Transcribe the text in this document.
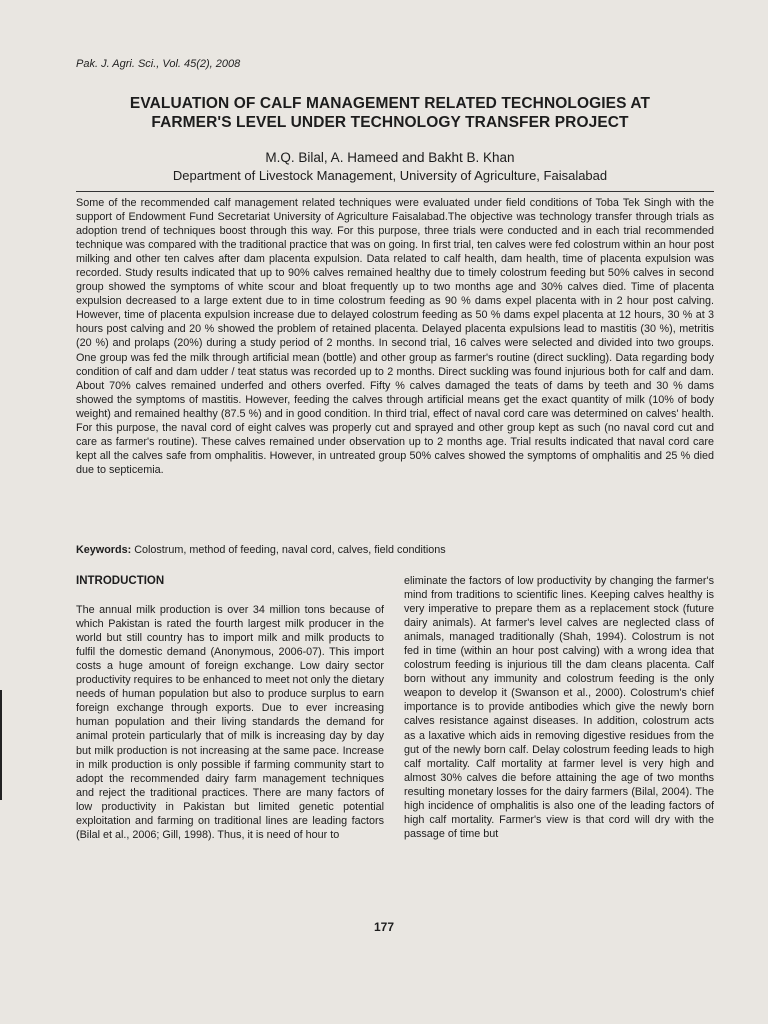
Pak. J. Agri. Sci., Vol. 45(2), 2008
EVALUATION OF CALF MANAGEMENT RELATED TECHNOLOGIES AT
FARMER'S LEVEL UNDER TECHNOLOGY TRANSFER PROJECT
M.Q. Bilal, A. Hameed and Bakht B. Khan
Department of Livestock Management, University of Agriculture, Faisalabad
Some of the recommended calf management related techniques were evaluated under field conditions of Toba Tek Singh with the support of Endowment Fund Secretariat University of Agriculture Faisalabad.The objective was technology transfer through trials as adoption trend of techniques boost through this way. For this purpose, three trials were conducted and in each trial recommended technique was compared with the traditional practice that was on going. In first trial, ten calves were fed colostrum within an hour post milking and other ten calves after dam placenta expulsion. Data related to calf health, dam health, time of placenta expulsion was recorded. Study results indicated that up to 90% calves remained healthy due to timely colostrum feeding but 50% calves in second group showed the symptoms of white scour and bloat frequently up to two months age and 30% calves died. Time of placenta expulsion decreased to a large extent due to in time colostrum feeding as 90 % dams expel placenta with in 2 hour post calving. However, time of placenta expulsion increase due to delayed colostrum feeding as 50 % dams expel placenta at 12 hours, 30 % at 3 hours post calving and 20 % showed the problem of retained placenta. Delayed placenta expulsions lead to mastitis (30 %), metritis (20 %) and prolaps (20%) during a study period of 2 months. In second trial, 16 calves were selected and divided into two groups. One group was fed the milk through artificial mean (bottle) and other group as farmer's routine (direct suckling). Data regarding body condition of calf and dam udder / teat status was recorded up to 2 months. Direct suckling was found injurious both for calf and dam. About 70% calves remained underfed and others overfed. Fifty % calves damaged the teats of dams by teeth and 30 % dams showed the symptoms of mastitis. However, feeding the calves through artificial means get the exact quantity of milk (10% of body weight) and remained healthy (87.5 %) and in good condition. In third trial, effect of naval cord care was determined on calves' health. For this purpose, the naval cord of eight calves was properly cut and sprayed and other group kept as such (no naval cord cut and care as farmer's routine). These calves remained under observation up to 2 months age. Trial results indicated that naval cord care kept all the calves safe from omphalitis. However, in untreated group 50% calves showed the symptoms of omphalitis and 25 % died due to septicemia.
Keywords: Colostrum, method of feeding, naval cord, calves, field conditions
INTRODUCTION

The annual milk production is over 34 million tons because of which Pakistan is rated the fourth largest milk producer in the world but still country has to import milk and milk products to fulfil the domestic demand (Anonymous, 2006-07). This import costs a huge amount of foreign exchange. Low dairy sector productivity requires to be enhanced to meet not only the dietary needs of human population but also to produce surplus to earn foreign exchange through exports. Due to ever increasing human population and their living standards the demand for animal protein particularly that of milk is increasing day by day but milk production is not increasing at the same pace. Increase in milk production is only possible if farming community start to adopt the recommended dairy farm management techniques and reject the traditional practices. There are many factors of low productivity in Pakistan but limited genetic potential exploitation and farming on traditional lines are leading factors (Bilal et al., 2006; Gill, 1998). Thus, it is need of hour to

eliminate the factors of low productivity by changing the farmer's mind from traditions to scientific lines. Keeping calves healthy is very imperative to prepare them as a replacement stock (future dairy animals). At farmer's level calves are neglected class of animals, managed traditionally (Shah, 1994). Colostrum is not fed in time (within an hour post calving) with a wrong idea that colostrum feeding is injurious till the dam cleans placenta. Calf born without any immunity and colostrum feeding is the only weapon to develop it (Swanson et al., 2000). Colostrum's chief importance is to provide antibodies which give the newly born calves resistance against diseases. In addition, colostrum acts as a laxative which aids in removing digestive residues from the gut of the newly born calf. Delay colostrum feeding leads to high calf mortality. Calf mortality at farmer level is very high and almost 30% calves die before attaining the age of two months resulting monetary losses for the dairy farmers (Bilal, 2004). The high incidence of omphalitis is also one of the leading factors of high calf mortality. Farmer's view is that cord will dry with the passage of time but

177
